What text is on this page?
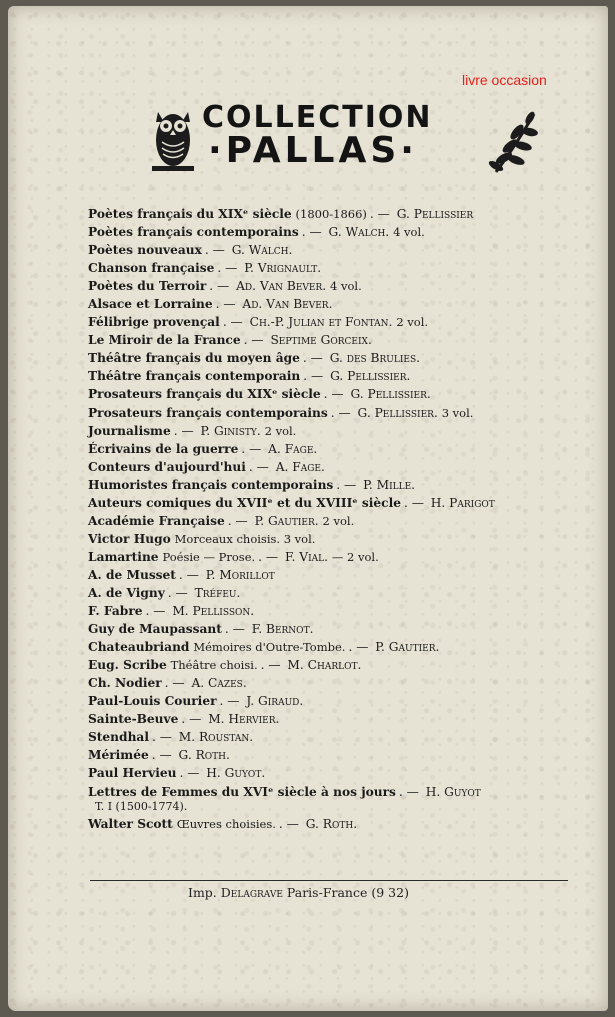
livre occasion
COLLECTION
·PALLAS·
Poètes français du XIXᵉ siècle (1800-1866) . — G. Pellissier
Poètes français contemporains . — G. Walch. 4 vol.
Poètes nouveaux . — G. Walch.
Chanson française . — P. Vrignault.
Poètes du Terroir . — Ad. Van Bever. 4 vol.
Alsace et Lorraine . — Ad. Van Bever.
Félibrige provençal . — Ch.-P. Julian et Fontan. 2 vol.
Le Miroir de la France . — Septime Gorceix.
Théâtre français du moyen âge . — G. des Brulies.
Théâtre français contemporain . — G. Pellissier.
Prosateurs français du XIXᵉ siècle . — G. Pellissier.
Prosateurs français contemporains . — G. Pellissier. 3 vol.
Journalisme . — P. Ginisty. 2 vol.
Écrivains de la guerre . — A. Fage.
Conteurs d'aujourd'hui . — A. Fage.
Humoristes français contemporains . — P. Mille.
Auteurs comiques du XVIIᵉ et du XVIIIᵉ siècle . — H. Parigot
Académie Française . — P. Gautier. 2 vol.
Victor Hugo Morceaux choisis. 3 vol.
Lamartine Poésie — Prose. . — F. Vial. — 2 vol.
A. de Musset . — P. Morillot
A. de Vigny . — Tréfeu.
F. Fabre . — M. Pellisson.
Guy de Maupassant . — F. Bernot.
Chateaubriand Mémoires d'Outre-Tombe. . — P. Gautier.
Eug. Scribe Théâtre choisi. . — M. Charlot.
Ch. Nodier . — A. Cazes.
Paul-Louis Courier . — J. Giraud.
Sainte-Beuve . — M. Hervier.
Stendhal . — M. Roustan.
Mérimée . — G. Roth.
Paul Hervieu . — H. Guyot.
Lettres de Femmes du XVIᵉ siècle à nos jours . — H. Guyot
T. I (1500-1774).
Walter Scott Œuvres choisies. . — G. Roth.
Imp. Delagrave Paris-France (9 32)
